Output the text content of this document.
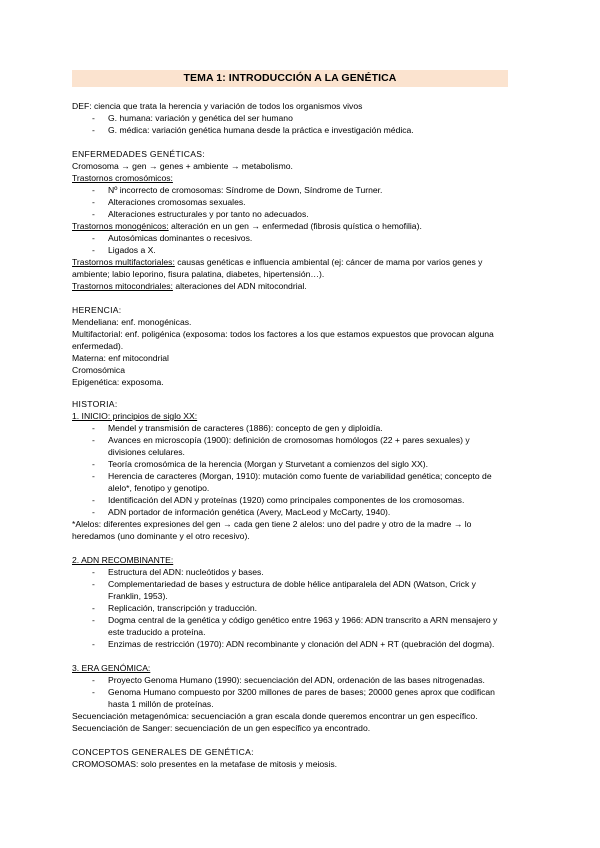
TEMA 1: INTRODUCCIÓN A LA GENÉTICA
DEF: ciencia que trata la herencia y variación de todos los organismos vivos
- G. humana: variación y genética del ser humano
- G. médica: variación genética humana desde la práctica e investigación médica.
ENFERMEDADES GENÉTICAS:
Cromosoma → gen → genes + ambiente → metabolismo.
Trastornos cromosómicos:
- Nº incorrecto de cromosomas: Síndrome de Down, Síndrome de Turner.
- Alteraciones cromosomas sexuales.
- Alteraciones estructurales y por tanto no adecuados.
Trastornos monogénicos: alteración en un gen → enfermedad (fibrosis quística o hemofilia).
- Autosómicas dominantes o recesivos.
- Ligados a X.
Trastornos multifactoriales: causas genéticas e influencia ambiental (ej: cáncer de mama por varios genes y
ambiente; labio leporino, fisura palatina, diabetes, hipertensión…).
Trastornos mitocondriales: alteraciones del ADN mitocondrial.
HERENCIA:
Mendeliana: enf. monogénicas.
Multifactorial: enf. poligénica (exposoma: todos los factores a los que estamos expuestos que provocan alguna
enfermedad).
Materna: enf mitocondrial
Cromosómica
Epigenética: exposoma.
HISTORIA:
1. INICIO: principios de siglo XX:
- Mendel y transmisión de caracteres (1886): concepto de gen y diploidía.
- Avances en microscopía (1900): definición de cromosomas homólogos (22 + pares sexuales) y
divisiones celulares.
- Teoría cromosómica de la herencia (Morgan y Sturvetant a comienzos del siglo XX).
- Herencia de caracteres (Morgan, 1910): mutación como fuente de variabilidad genética; concepto de
alelo*, fenotipo y genotipo.
- Identificación del ADN y proteínas (1920) como principales componentes de los cromosomas.
- ADN portador de información genética (Avery, MacLeod y McCarty, 1940).
*Alelos: diferentes expresiones del gen → cada gen tiene 2 alelos: uno del padre y otro de la madre → lo
heredamos (uno dominante y el otro recesivo).
2. ADN RECOMBINANTE:
- Estructura del ADN: nucleótidos y bases.
- Complementariedad de bases y estructura de doble hélice antiparalela del ADN (Watson, Crick y
Franklin, 1953).
- Replicación, transcripción y traducción.
- Dogma central de la genética y código genético entre 1963 y 1966: ADN transcrito a ARN mensajero y
este traducido a proteína.
- Enzimas de restricción (1970): ADN recombinante y clonación del ADN + RT (quebración del dogma).
3. ERA GENÓMICA:
- Proyecto Genoma Humano (1990): secuenciación del ADN, ordenación de las bases nitrogenadas.
- Genoma Humano compuesto por 3200 millones de pares de bases; 20000 genes aprox que codifican
hasta 1 millón de proteínas.
Secuenciación metagenómica: secuenciación a gran escala donde queremos encontrar un gen específico.
Secuenciación de Sanger: secuenciación de un gen específico ya encontrado.
CONCEPTOS GENERALES DE GENÉTICA:
CROMOSOMAS: solo presentes en la metafase de mitosis y meiosis.
